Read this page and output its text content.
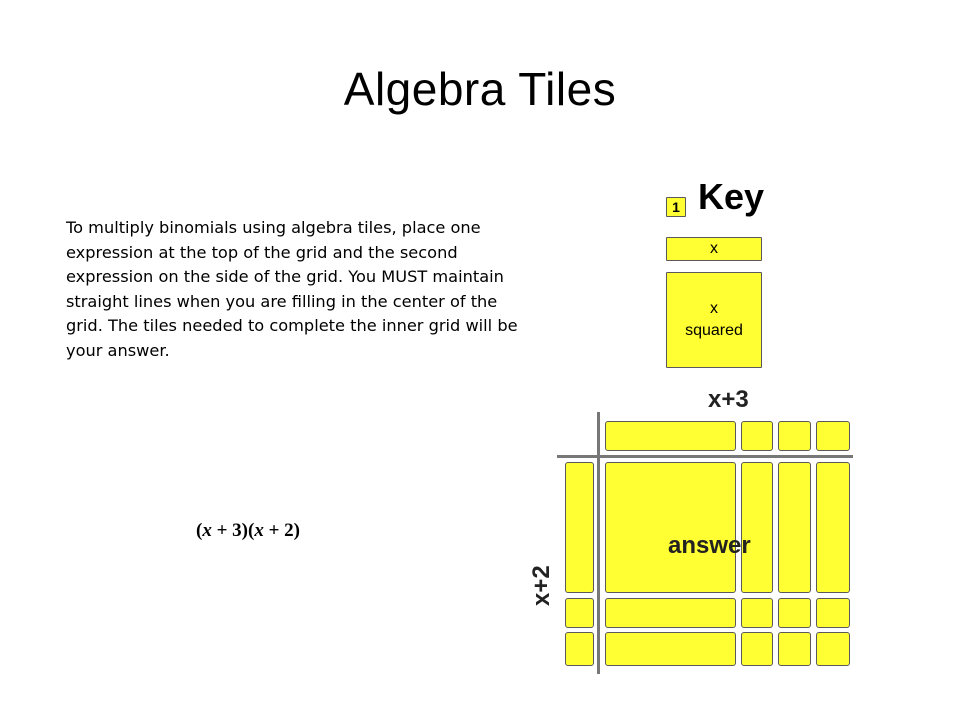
Algebra Tiles
To multiply binomials using algebra tiles, place one expression at the top of the grid and the second expression on the side of the grid. You MUST maintain straight lines when you are filling in the center of the grid. The tiles needed to complete the inner grid will be your answer.
(x + 3)(x + 2)
1 Key
x
x
squared
x+3
x+2
answer
